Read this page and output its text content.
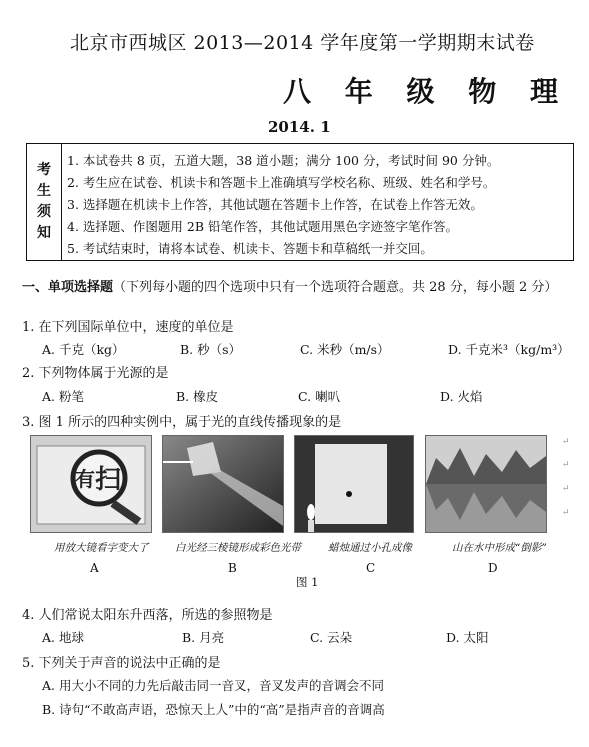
北京市西城区 2013—2014 学年度第一学期期末试卷
八 年 级 物 理
2014. 1
考
生
须
知
1. 本试卷共 8 页，五道大题，38 道小题；满分 100 分，考试时间 90 分钟。
2. 考生应在试卷、机读卡和答题卡上准确填写学校名称、班级、姓名和学号。
3. 选择题在机读卡上作答，其他试题在答题卡上作答，在试卷上作答无效。
4. 选择题、作图题用 2B 铅笔作答，其他试题用黑色字迹签字笔作答。
5. 考试结束时，请将本试卷、机读卡、答题卡和草稿纸一并交回。
一、单项选择题（下列每小题的四个选项中只有一个选项符合题意。共 28 分，每小题 2 分）
1. 在下列国际单位中，速度的单位是
A. 千克（kg）	B. 秒（s）	C. 米秒（m/s）	D. 千克米³（kg/m³）
2. 下列物体属于光源的是
A. 粉笔	B. 橡皮	C. 喇叭	D. 火焰
3. 图 1 所示的四种实例中，属于光的直线传播现象的是
有 扫
用放大镜看字变大了	白光经三棱镜形成彩色光带	蜡烛通过小孔成像	山在水中形成“倒影”
A	B	C	D
图 1
↵
↵
↵
↵
4. 人们常说太阳东升西落，所选的参照物是
A. 地球	B. 月亮	C. 云朵	D. 太阳
5. 下列关于声音的说法中正确的是
A. 用大小不同的力先后敲击同一音叉，音叉发声的音调会不同
B. 诗句“不敢高声语，恐惊天上人”中的“高”是指声音的音调高
